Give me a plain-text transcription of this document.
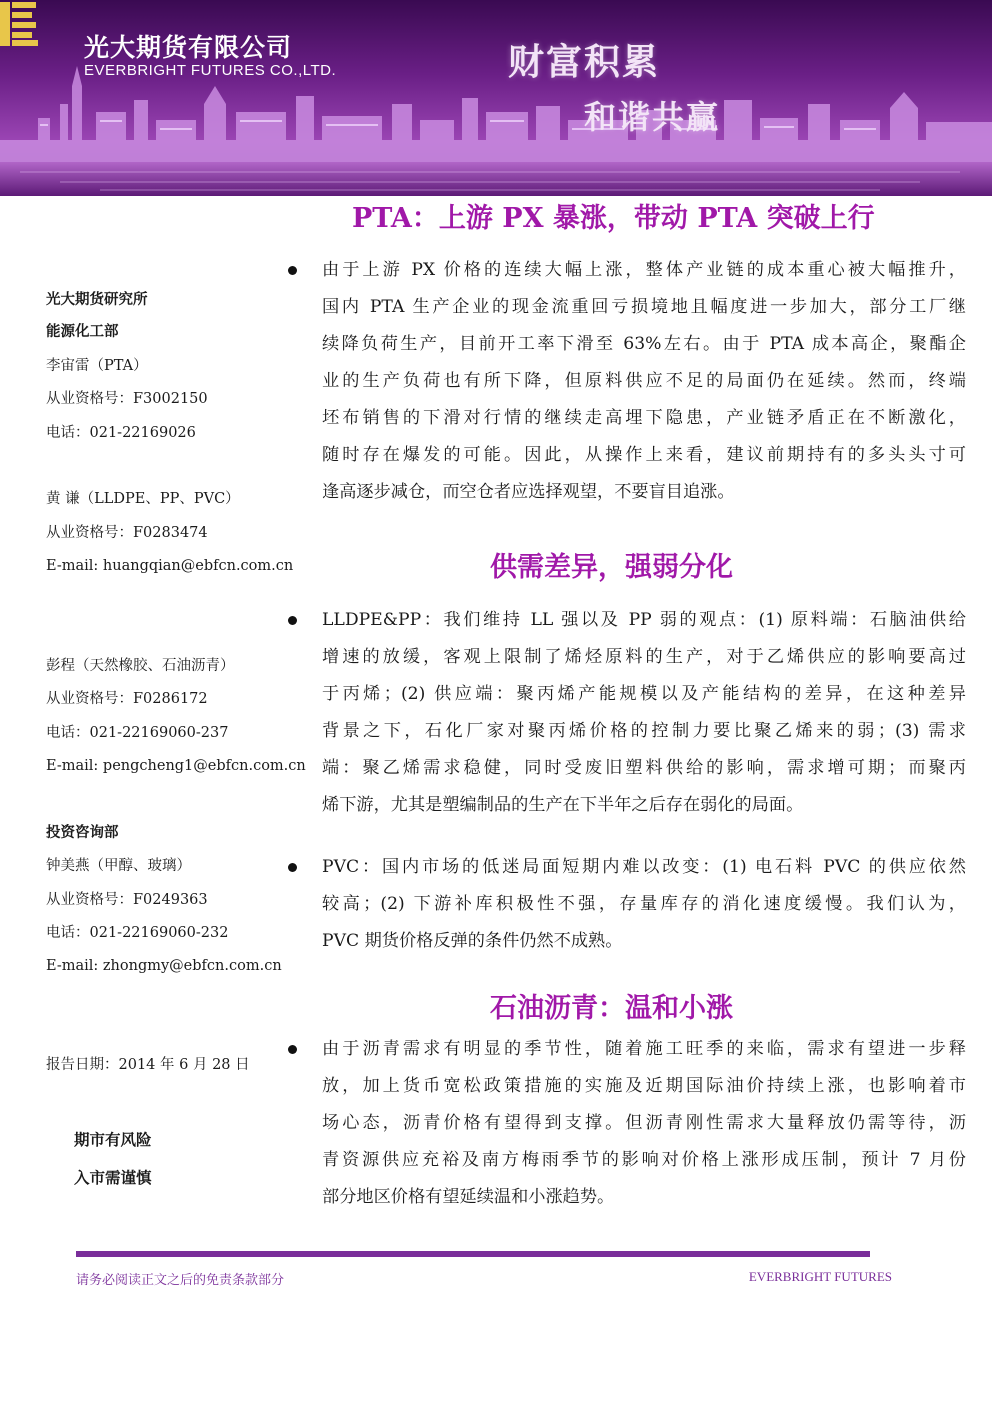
光大期货有限公司
EVERBRIGHT FUTURES CO.,LTD.	财富积累
和谐共赢
PTA：上游 PX 暴涨，带动 PTA 突破上行
供需差异，强弱分化
石油沥青：温和小涨
光大期货研究所
能源化工部
李宙雷（PTA）
从业资格号：F3002150
电话：021-22169026
黄 谦（LLDPE、PP、PVC）
从业资格号：F0283474
E-mail: huangqian@ebfcn.com.cn
彭程（天然橡胶、石油沥青）
从业资格号：F0286172
电话：021-22169060-237
E-mail: pengcheng1@ebfcn.com.cn
投资咨询部
钟美燕（甲醇、玻璃）
从业资格号：F0249363
电话：021-22169060-232
E-mail: zhongmy@ebfcn.com.cn
报告日期：2014 年 6 月 28 日
期市有风险
入市需谨慎
由于上游 PX 价格的连续大幅上涨，整体产业链的成本重心被大幅推升，
国内 PTA 生产企业的现金流重回亏损境地且幅度进一步加大，部分工厂继
续降负荷生产，目前开工率下滑至 63%左右。由于 PTA 成本高企，聚酯企
业的生产负荷也有所下降，但原料供应不足的局面仍在延续。然而，终端
坯布销售的下滑对行情的继续走高埋下隐患，产业链矛盾正在不断激化，
随时存在爆发的可能。因此，从操作上来看，建议前期持有的多头头寸可
逢高逐步减仓，而空仓者应选择观望，不要盲目追涨。
LLDPE&PP：我们维持 LL 强以及 PP 弱的观点：(1) 原料端：石脑油供给
增速的放缓，客观上限制了烯烃原料的生产，对于乙烯供应的影响要高过
于丙烯；(2) 供应端：聚丙烯产能规模以及产能结构的差异，在这种差异
背景之下，石化厂家对聚丙烯价格的控制力要比聚乙烯来的弱；(3) 需求
端：聚乙烯需求稳健，同时受废旧塑料供给的影响，需求增可期；而聚丙
烯下游，尤其是塑编制品的生产在下半年之后存在弱化的局面。
PVC：国内市场的低迷局面短期内难以改变：(1) 电石料 PVC 的供应依然
较高；(2) 下游补库积极性不强，存量库存的消化速度缓慢。我们认为，
PVC 期货价格反弹的条件仍然不成熟。
由于沥青需求有明显的季节性，随着施工旺季的来临，需求有望进一步释
放，加上货币宽松政策措施的实施及近期国际油价持续上涨，也影响着市
场心态，沥青价格有望得到支撑。但沥青刚性需求大量释放仍需等待，沥
青资源供应充裕及南方梅雨季节的影响对价格上涨形成压制，预计 7 月份
部分地区价格有望延续温和小涨趋势。
请务必阅读正文之后的免责条款部分	EVERBRIGHT FUTURES
